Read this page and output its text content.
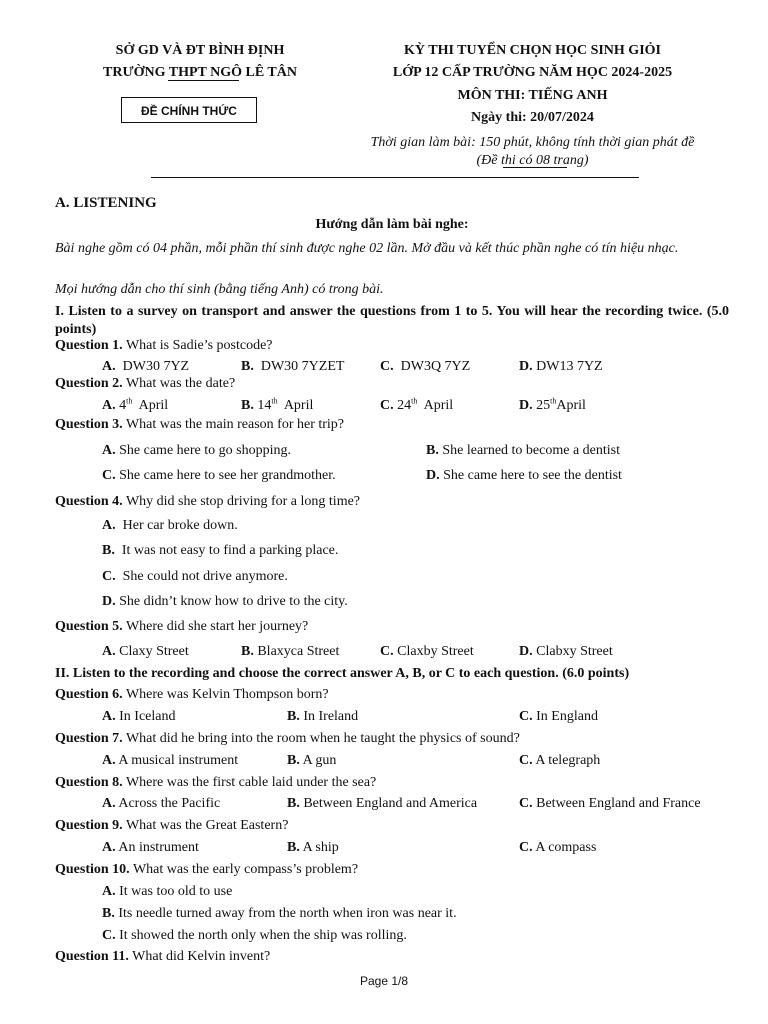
SỞ GD VÀ ĐT BÌNH ĐỊNH
TRƯỜNG THPT NGÔ LÊ TÂN
ĐỀ CHÍNH THỨC
KỲ THI TUYỂN CHỌN HỌC SINH GIỎI
LỚP 12 CẤP TRƯỜNG NĂM HỌC 2024-2025
MÔN THI: TIẾNG ANH
Ngày thi: 20/07/2024
Thời gian làm bài: 150 phút, không tính thời gian phát đề
(Đề thi có 08 trang)
A. LISTENING
Hướng dẫn làm bài nghe:
Bài nghe gồm có 04 phần, mỗi phần thí sinh được nghe 02 lần. Mở đầu và kết thúc phần nghe có tín hiệu nhạc.
Mọi hướng dẫn cho thí sinh (bằng tiếng Anh) có trong bài.
I. Listen to a survey on transport and answer the questions from 1 to 5. You will hear the recording twice. (5.0 points)
Question 1. What is Sadie’s postcode?
A. DW30 7YZ	B. DW30 7YZET	C. DW3Q 7YZ	D. DW13 7YZ
Question 2. What was the date?
A. 4th April	B. 14th April	C. 24th April	D. 25thApril
Question 3. What was the main reason for her trip?
A. She came here to go shopping.	B. She learned to become a dentist
C. She came here to see her grandmother.	D. She came here to see the dentist
Question 4. Why did she stop driving for a long time?
A. Her car broke down.
B. It was not easy to find a parking place.
C. She could not drive anymore.
D. She didn’t know how to drive to the city.
Question 5. Where did she start her journey?
A. Claxy Street	B. Blaxyca Street	C. Claxby Street	D. Clabxy Street
II. Listen to the recording and choose the correct answer A, B, or C to each question. (6.0 points)
Question 6. Where was Kelvin Thompson born?
A. In Iceland	B. In Ireland	C. In England
Question 7. What did he bring into the room when he taught the physics of sound?
A. A musical instrument	B. A gun	C. A telegraph
Question 8. Where was the first cable laid under the sea?
A. Across the Pacific	B. Between England and America	C. Between England and France
Question 9. What was the Great Eastern?
A. An instrument	B. A ship	C. A compass
Question 10. What was the early compass’s problem?
A. It was too old to use
B. Its needle turned away from the north when iron was near it.
C. It showed the north only when the ship was rolling.
Question 11. What did Kelvin invent?
Page 1/8
